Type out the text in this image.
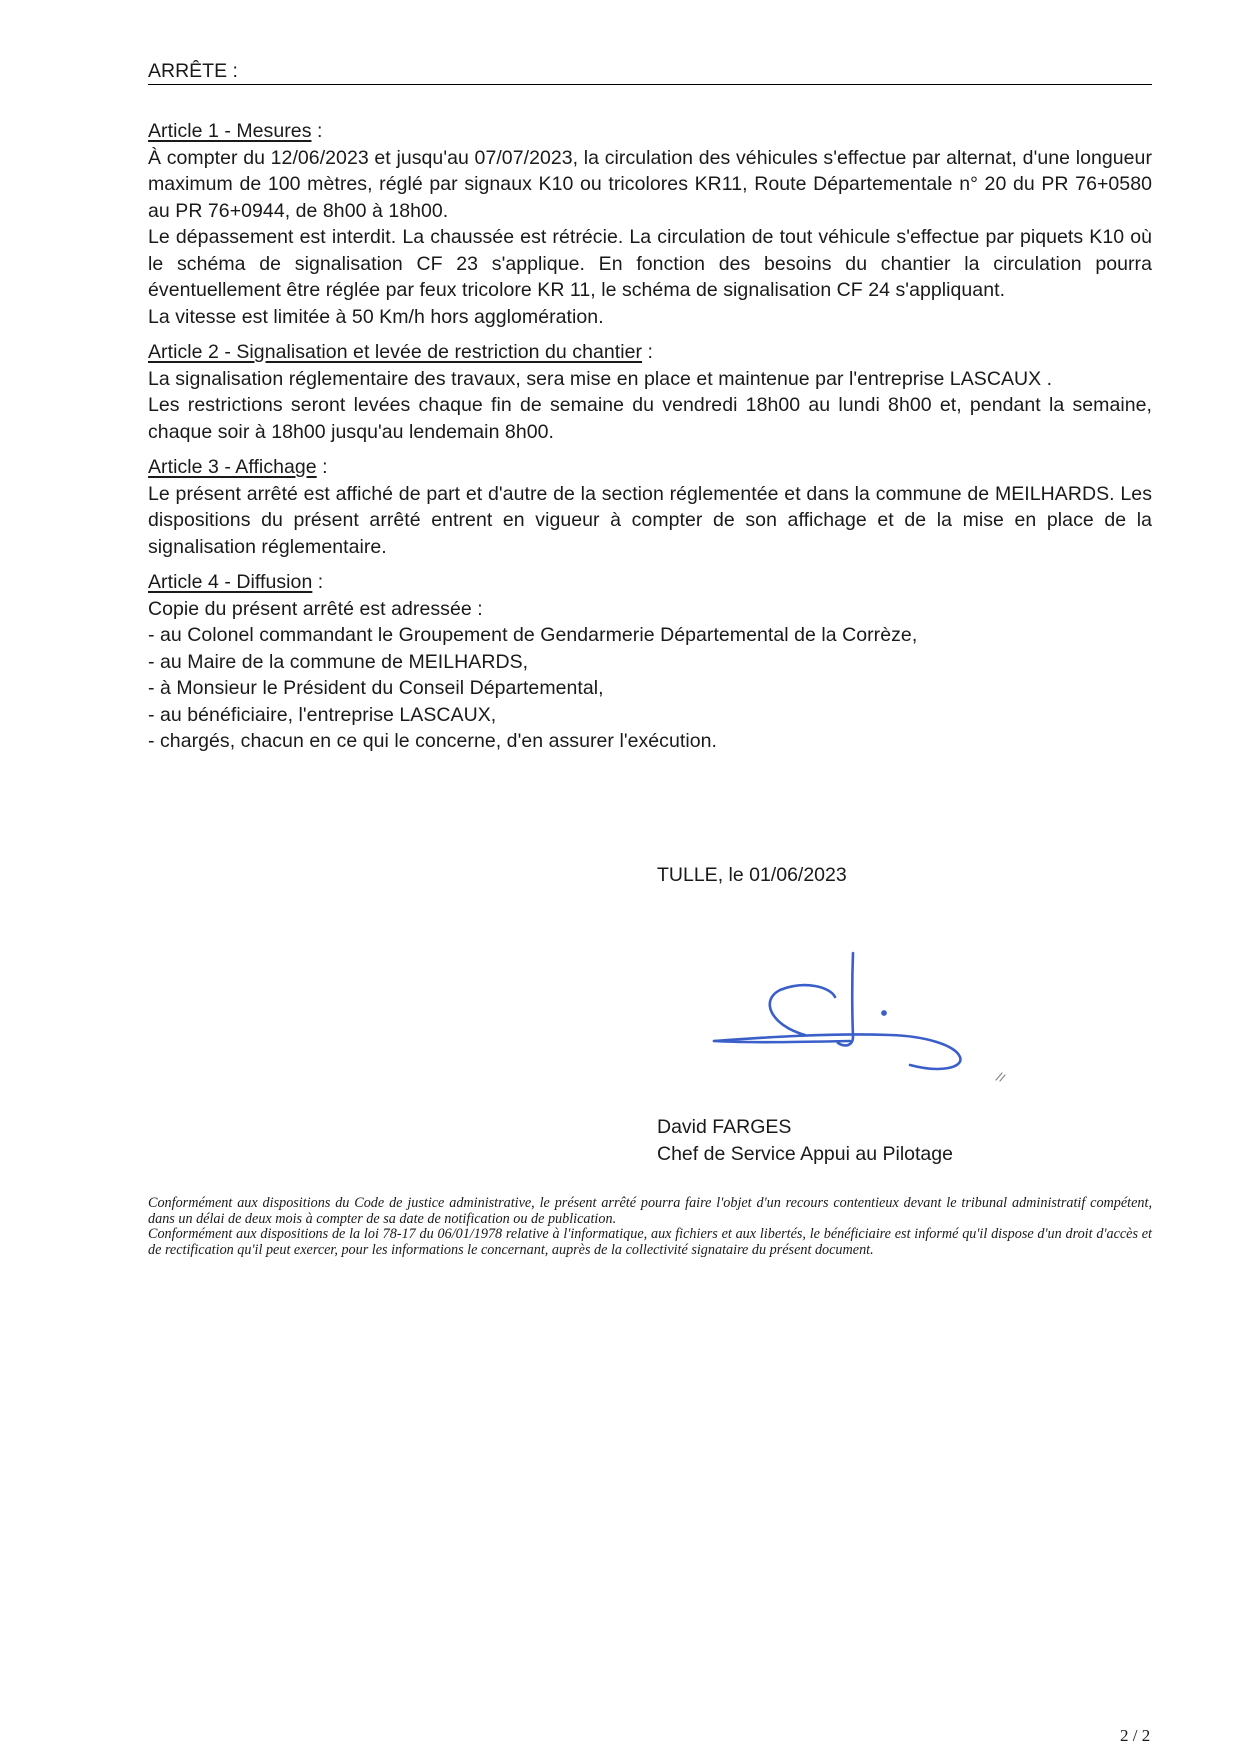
ARRÊTE :
Article 1 - Mesures :

À compter du 12/06/2023 et jusqu'au 07/07/2023, la circulation des véhicules s'effectue par alternat, d'une longueur maximum de 100 mètres, réglé par signaux K10 ou tricolores KR11, Route Départementale n° 20 du PR 76+0580 au PR 76+0944, de 8h00 à 18h00.

Le dépassement est interdit. La chaussée est rétrécie. La circulation de tout véhicule s'effectue par piquets K10 où le schéma de signalisation CF 23 s'applique. En fonction des besoins du chantier la circulation pourra éventuellement être réglée par feux tricolore KR 11, le schéma de signalisation CF 24 s'appliquant.

La vitesse est limitée à 50 Km/h hors agglomération.

Article 2 - Signalisation et levée de restriction du chantier :

La signalisation réglementaire des travaux, sera mise en place et maintenue par l'entreprise LASCAUX .

Les restrictions seront levées chaque fin de semaine du vendredi 18h00 au lundi 8h00 et, pendant la semaine, chaque soir à 18h00 jusqu'au lendemain 8h00.

Article 3 - Affichage :

Le présent arrêté est affiché de part et d'autre de la section réglementée et dans la commune de MEILHARDS. Les dispositions du présent arrêté entrent en vigueur à compter de son affichage et de la mise en place de la signalisation réglementaire.

Article 4 - Diffusion :

Copie du présent arrêté est adressée :

- au Colonel commandant le Groupement de Gendarmerie Départemental de la Corrèze,

- au Maire de la commune de MEILHARDS,

- à Monsieur le Président du Conseil Départemental,

- au bénéficiaire, l'entreprise LASCAUX,

- chargés, chacun en ce qui le concerne, d'en assurer l'exécution.

TULLE, le 01/06/2023
David FARGES
Chef de Service Appui au Pilotage

Conformément aux dispositions du Code de justice administrative, le présent arrêté pourra faire l'objet d'un recours contentieux devant le tribunal administratif compétent, dans un délai de deux mois à compter de sa date de notification ou de publication.

Conformément aux dispositions de la loi 78-17 du 06/01/1978 relative à l'informatique, aux fichiers et aux libertés, le bénéficiaire est informé qu'il dispose d'un droit d'accès et de rectification qu'il peut exercer, pour les informations le concernant, auprès de la collectivité signataire du présent document.

2 / 2
